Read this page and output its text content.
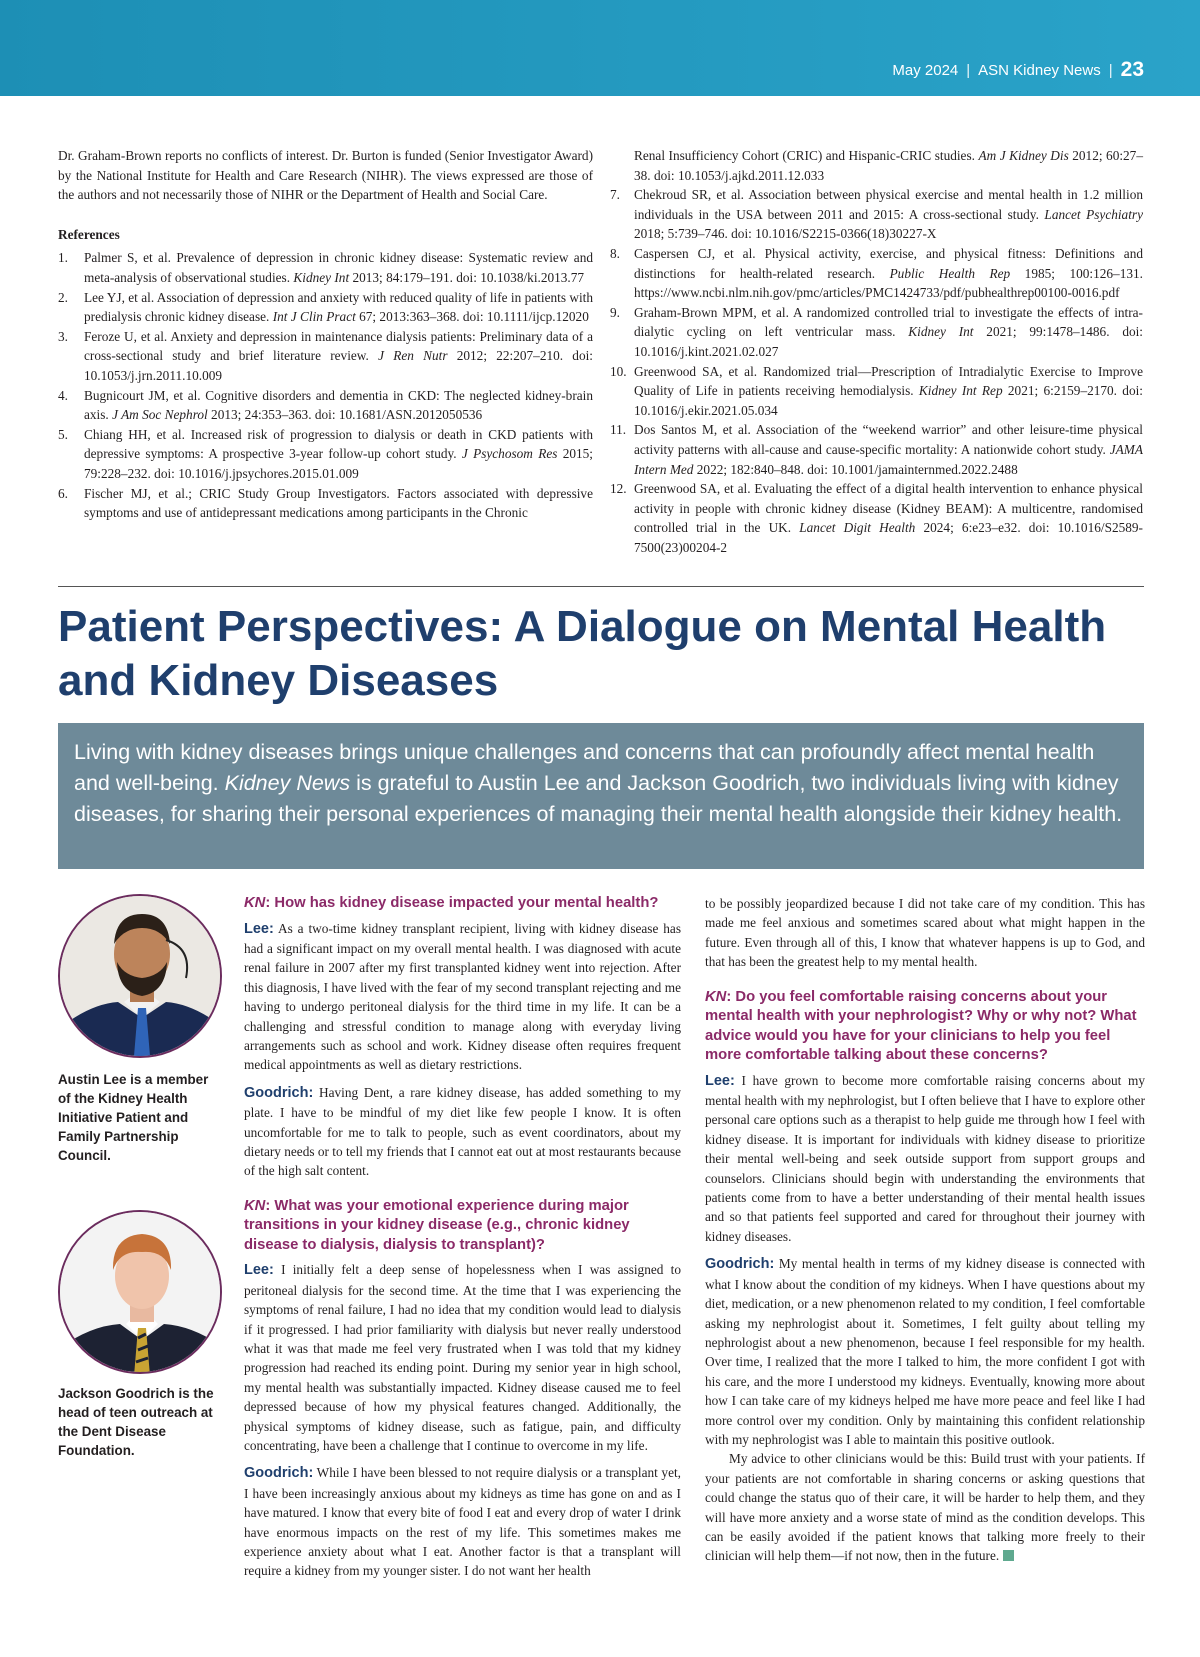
May 2024 | ASN Kidney News | 23

Dr. Graham-Brown reports no conflicts of interest. Dr. Burton is funded (Senior Investigator Award) by the National Institute for Health and Care Research (NIHR). The views expressed are those of the authors and not necessarily those of NIHR or the Department of Health and Social Care.

References

1.	Palmer S, et al. Prevalence of depression in chronic kidney disease: Systematic review and meta-analysis of observational studies. Kidney Int 2013; 84:179–191. doi: 10.1038/ki.2013.77
2.	Lee YJ, et al. Association of depression and anxiety with reduced quality of life in patients with predialysis chronic kidney disease. Int J Clin Pract 67; 2013:363–368. doi: 10.1111/ijcp.12020
3.	Feroze U, et al. Anxiety and depression in maintenance dialysis patients: Preliminary data of a cross-sectional study and brief literature review. J Ren Nutr 2012; 22:207–210. doi: 10.1053/j.jrn.2011.10.009
4.	Bugnicourt JM, et al. Cognitive disorders and dementia in CKD: The neglected kidney-brain axis. J Am Soc Nephrol 2013; 24:353–363. doi: 10.1681/ASN.2012050536
5.	Chiang HH, et al. Increased risk of progression to dialysis or death in CKD patients with depressive symptoms: A prospective 3-year follow-up cohort study. J Psychosom Res 2015; 79:228–232. doi: 10.1016/j.jpsychores.2015.01.009
6.	Fischer MJ, et al.; CRIC Study Group Investigators. Factors associated with depressive symptoms and use of antidepressant medications among participants in the Chronic

Renal Insufficiency Cohort (CRIC) and Hispanic-CRIC studies. Am J Kidney Dis 2012; 60:27–38. doi: 10.1053/j.ajkd.2011.12.033

7.	Chekroud SR, et al. Association between physical exercise and mental health in 1.2 million individuals in the USA between 2011 and 2015: A cross-sectional study. Lancet Psychiatry 2018; 5:739–746. doi: 10.1016/S2215-0366(18)30227-X
8.	Caspersen CJ, et al. Physical activity, exercise, and physical fitness: Definitions and distinctions for health-related research. Public Health Rep 1985; 100:126–131. https://www.ncbi.nlm.nih.gov/pmc/articles/PMC1424733/pdf/pubhealthrep00100-0016.pdf
9.	Graham-Brown MPM, et al. A randomized controlled trial to investigate the effects of intra-dialytic cycling on left ventricular mass. Kidney Int 2021; 99:1478–1486. doi: 10.1016/j.kint.2021.02.027
10. Greenwood SA, et al. Randomized trial—Prescription of Intradialytic Exercise to Improve Quality of Life in patients receiving hemodialysis. Kidney Int Rep 2021; 6:2159–2170. doi: 10.1016/j.ekir.2021.05.034
11. Dos Santos M, et al. Association of the “weekend warrior” and other leisure-time physical activity patterns with all-cause and cause-specific mortality: A nationwide cohort study. JAMA Intern Med 2022; 182:840–848. doi: 10.1001/jamainternmed.2022.2488
12. Greenwood SA, et al. Evaluating the effect of a digital health intervention to enhance physical activity in people with chronic kidney disease (Kidney BEAM): A multicentre, randomised controlled trial in the UK. Lancet Digit Health 2024; 6:e23–e32. doi: 10.1016/S2589-7500(23)00204-2
Patient Perspectives: A Dialogue on Mental Health and Kidney Diseases
Living with kidney diseases brings unique challenges and concerns that can profoundly affect mental health and well-being. Kidney News is grateful to Austin Lee and Jackson Goodrich, two individuals living with kidney diseases, for sharing their personal experiences of managing their mental health alongside their kidney health.

Austin Lee is a member of the Kidney Health Initiative Patient and Family Partnership Council.

Jackson Goodrich is the head of teen outreach at the Dent Disease Foundation.

KN: How has kidney disease impacted your mental health?

Lee: As a two-time kidney transplant recipient, living with kidney disease has had a significant impact on my overall mental health. I was diagnosed with acute renal failure in 2007 after my first transplanted kidney went into rejection. After this diagnosis, I have lived with the fear of my second transplant rejecting and me having to undergo peritoneal dialysis for the third time in my life. It can be a challenging and stressful condition to manage along with everyday living arrangements such as school and work. Kidney disease often requires frequent medical appointments as well as dietary restrictions.

Goodrich: Having Dent, a rare kidney disease, has added something to my plate. I have to be mindful of my diet like few people I know. It is often uncomfortable for me to talk to people, such as event coordinators, about my dietary needs or to tell my friends that I cannot eat out at most restaurants because of the high salt content.

KN: What was your emotional experience during major transitions in your kidney disease (e.g., chronic kidney disease to dialysis, dialysis to transplant)?

Lee: I initially felt a deep sense of hopelessness when I was assigned to peritoneal dialysis for the second time. At the time that I was experiencing the symptoms of renal failure, I had no idea that my condition would lead to dialysis if it progressed. I had prior familiarity with dialysis but never really understood what it was that made me feel very frustrated when I was told that my kidney progression had reached its ending point. During my senior year in high school, my mental health was substantially impacted. Kidney disease caused me to feel depressed because of how my physical features changed. Additionally, the physical symptoms of kidney disease, such as fatigue, pain, and difficulty concentrating, have been a challenge that I continue to overcome in my life.

Goodrich: While I have been blessed to not require dialysis or a transplant yet, I have been increasingly anxious about my kidneys as time has gone on and as I have matured. I know that every bite of food I eat and every drop of water I drink have enormous impacts on the rest of my life. This sometimes makes me experience anxiety about what I eat. Another factor is that a transplant will require a kidney from my younger sister. I do not want her health

to be possibly jeopardized because I did not take care of my condition. This has made me feel anxious and sometimes scared about what might happen in the future. Even through all of this, I know that whatever happens is up to God, and that has been the greatest help to my mental health.

KN: Do you feel comfortable raising concerns about your mental health with your nephrologist? Why or why not? What advice would you have for your clinicians to help you feel more comfortable talking about these concerns?

Lee: I have grown to become more comfortable raising concerns about my mental health with my nephrologist, but I often believe that I have to explore other personal care options such as a therapist to help guide me through how I feel with kidney disease. It is important for individuals with kidney disease to prioritize their mental well-being and seek outside support from support groups and counselors. Clinicians should begin with understanding the environments that patients come from to have a better understanding of their mental health issues and so that patients feel supported and cared for throughout their journey with kidney diseases.

Goodrich: My mental health in terms of my kidney disease is connected with what I know about the condition of my kidneys. When I have questions about my diet, medication, or a new phenomenon related to my condition, I feel comfortable asking my nephrologist about it. Sometimes, I felt guilty about telling my nephrologist about a new phenomenon, because I feel responsible for my health. Over time, I realized that the more I talked to him, the more confident I got with his care, and the more I understood my kidneys. Eventually, knowing more about how I can take care of my kidneys helped me have more peace and feel like I had more control over my condition. Only by maintaining this confident relationship with my nephrologist was I able to maintain this positive outlook.

My advice to other clinicians would be this: Build trust with your patients. If your patients are not comfortable in sharing concerns or asking questions that could change the status quo of their care, it will be harder to help them, and they will have more anxiety and a worse state of mind as the condition develops. This can be easily avoided if the patient knows that talking more freely to their clinician will help them—if not now, then in the future.
